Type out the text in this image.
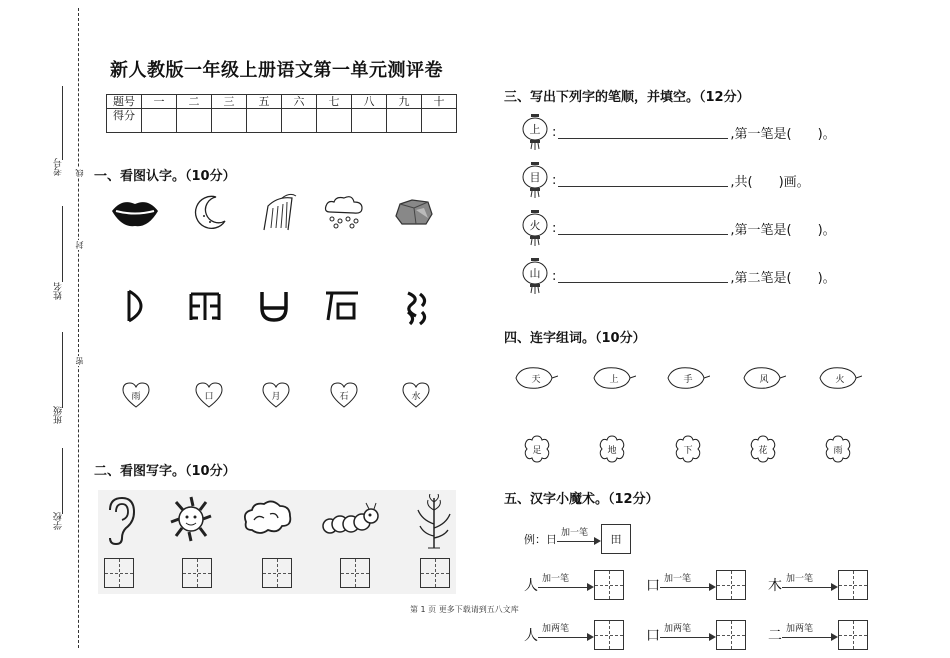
考号
姓名
班级
学校
线
封
密
新人教版一年级上册语文第一单元测评卷
题号	一	二	三	五	六	七	八	九	十
得分									
一、看图认字。（10分）
雨	口	月	石	水
二、看图写字。（10分）
三、写出下列字的笔顺，并填空。（12分）
上 :	,第一笔是( )。
目 :	,共( )画。
火 :	,第一笔是( )。
山 :	,第二笔是( )。
四、连字组词。（10分）
天	上	手	风	火
足	地	下	花	雨
五、汉字小魔术。（12分）
例：日 加一笔 田
人 加一笔	口 加一笔	木 加一笔
人 加两笔	口 加两笔	二 加两笔
第 1 页 更多下载请到五八文库
